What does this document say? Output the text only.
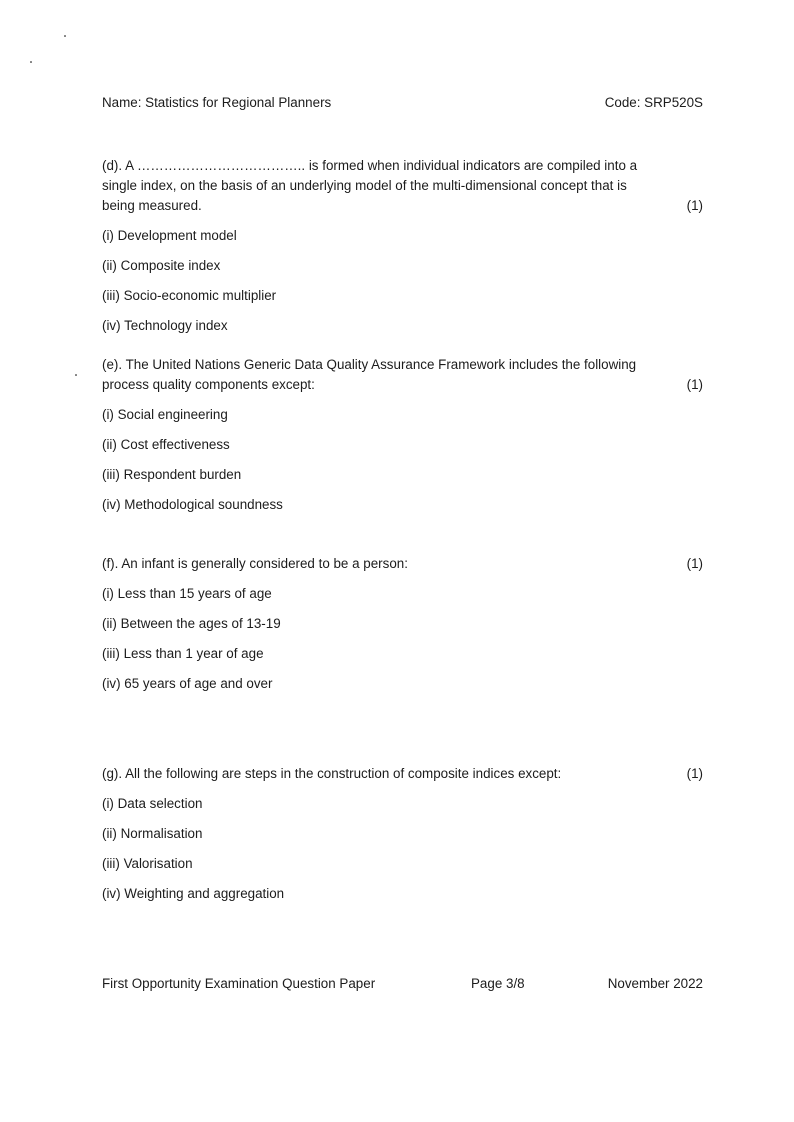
Name: Statistics for Regional Planners	Code: SRP520S
(d). A ……………………………….. is formed when individual indicators are compiled into a single index, on the basis of an underlying model of the multi-dimensional concept that is being measured.	(1)
(i) Development model
(ii) Composite index
(iii) Socio-economic multiplier
(iv) Technology index
(e). The United Nations Generic Data Quality Assurance Framework includes the following process quality components except:	(1)
(i) Social engineering
(ii) Cost effectiveness
(iii) Respondent burden
(iv) Methodological soundness
(f). An infant is generally considered to be a person:	(1)
(i) Less than 15 years of age
(ii) Between the ages of 13-19
(iii) Less than 1 year of age
(iv) 65 years of age and over
(g). All the following are steps in the construction of composite indices except:	(1)
(i) Data selection
(ii) Normalisation
(iii) Valorisation
(iv) Weighting and aggregation
First Opportunity Examination Question Paper	Page 3/8	November 2022
